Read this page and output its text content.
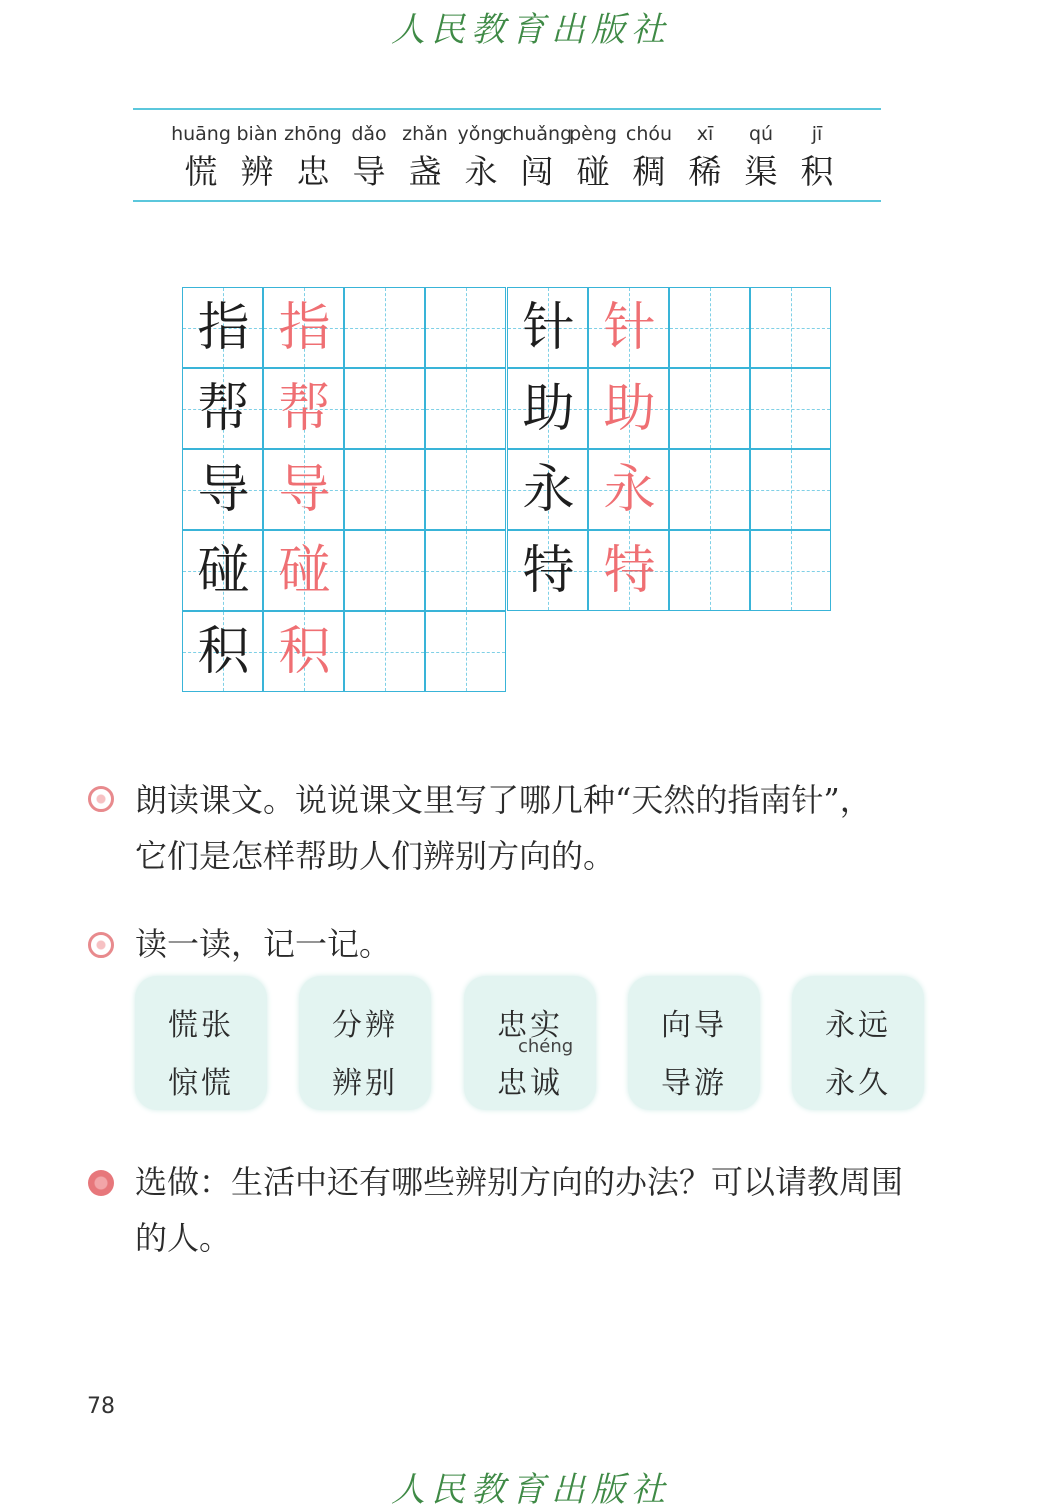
人民教育出版社
huāng
慌
biàn
辨
zhōng
忠
dǎo
导
zhǎn
盏
yǒng
永
chuǎng
闯
pèng
碰
chóu
稠
xī
稀
qú
渠
jī
积
指 指
帮 帮
导 导
碰 碰
积 积
针 针
助 助
永 永
特 特
朗读课文。说说课文里写了哪几种“天然的指南针”，
它们是怎样帮助人们辨别方向的。
读一读，记一记。
慌张
惊慌
分辨
辨别
忠实
chéng
忠诚
向导
导游
永远
永久
选做：生活中还有哪些辨别方向的办法？可以请教周围
的人。
78
人民教育出版社
